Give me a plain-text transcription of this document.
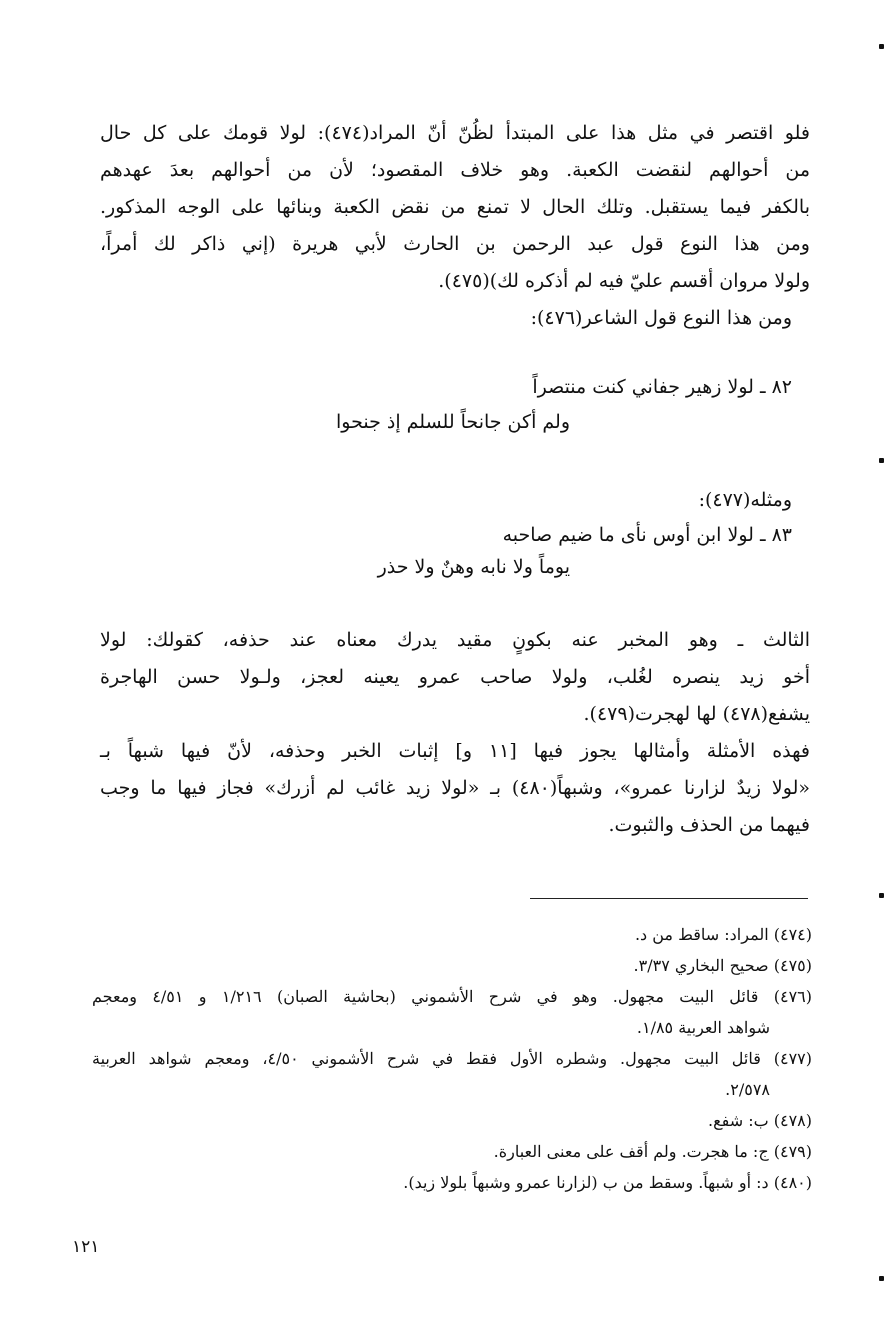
فلو اقتصر في مثل هذا على المبتدأ لظُنّ أنّ المراد(٤٧٤): لولا قومك على كل حال
من أحوالهم لنقضت الكعبة. وهو خلاف المقصود؛ لأن من أحوالهم بعدَ عهدهم
بالكفر فيما يستقبل. وتلك الحال لا تمنع من نقض الكعبة وبنائها على الوجه المذكور.
ومن هذا النوع قول عبد الرحمن بن الحارث لأبي هريرة (إني ذاكر لك أمراً،
ولولا مروان أقسم عليّ فيه لم أذكره لك)(٤٧٥).
ومن هذا النوع قول الشاعر(٤٧٦):
٨٢ ـ لولا زهير جفاني كنت منتصراً
ولم أكن جانحاً للسلم إذ جنحوا
ومثله(٤٧٧):
٨٣ ـ لولا ابن أوس نأى ما ضيم صاحبه
يوماً ولا نابه وهنٌ ولا حذر
الثالث ـ وهو المخبر عنه بكونٍ مقيد يدرك معناه عند حذفه، كقولك: لولا
أخو زيد ينصره لغُلب، ولولا صاحب عمرو يعينه لعجز، ولـولا حسن الهاجرة
يشفع(٤٧٨) لها لهجرت(٤٧٩).
فهذه الأمثلة وأمثالها يجوز فيها [١١ و] إثبات الخبر وحذفه، لأنّ فيها شبهاً بـ
«لولا زيدٌ لزارنا عمرو»، وشبهاً(٤٨٠) بـ «لولا زيد غائب لم أزرك» فجاز فيها ما وجب
فيهما من الحذف والثبوت.
(٤٧٤) المراد: ساقط من د.
(٤٧٥) صحيح البخاري ٣/٣٧.
(٤٧٦) قائل البيت مجهول. وهو في شرح الأشموني (بحاشية الصبان) ١/٢١٦ و ٤/٥١ ومعجم
شواهد العربية ١/٨٥.
(٤٧٧) قائل البيت مجهول. وشطره الأول فقط في شرح الأشموني ٤/٥٠، ومعجم شواهد العربية
٢/٥٧٨.
(٤٧٨) ب: شفع.
(٤٧٩) ج: ما هجرت. ولم أقف على معنى العبارة.
(٤٨٠) د: أو شبهاً. وسقط من ب (لزارنا عمرو وشبهاً بلولا زيد).
١٢١
